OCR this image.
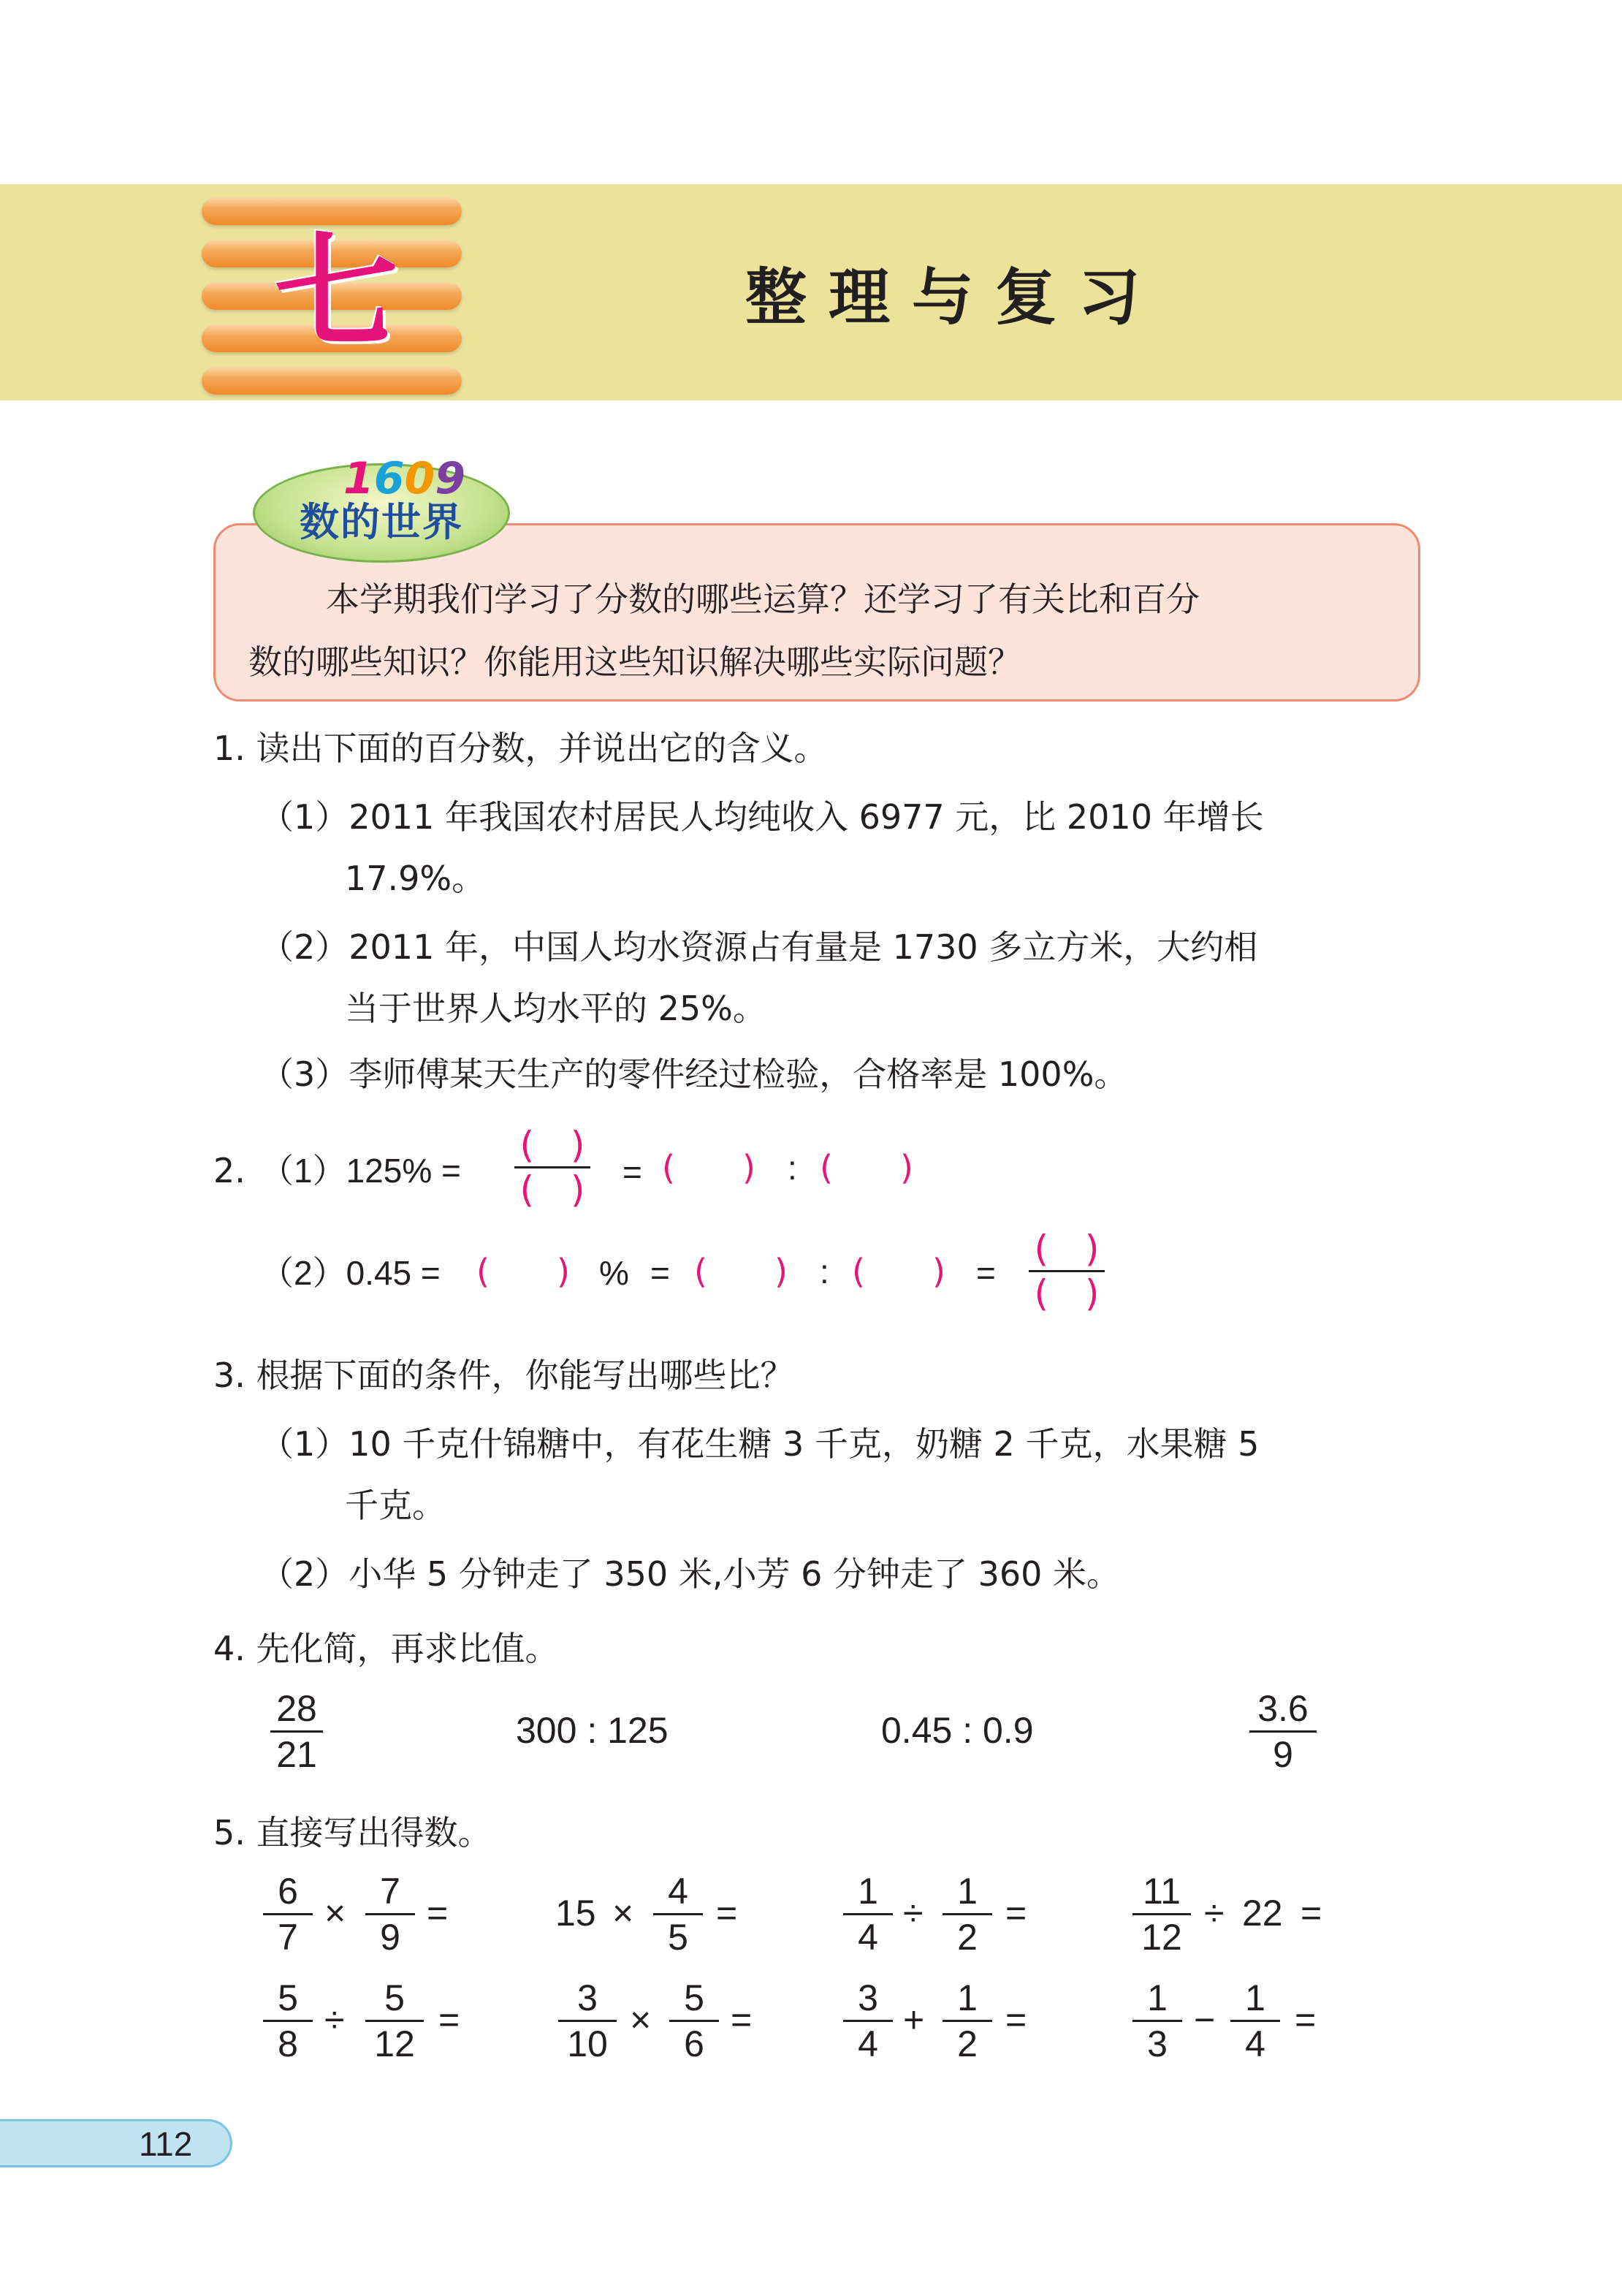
七	整理与复习
1609
数的世界
本学期我们学习了分数的哪些运算？还学习了有关比和百分
数的哪些知识？你能用这些知识解决哪些实际问题？
1. 读出下面的百分数，并说出它的含义。
（1）2011 年我国农村居民人均纯收入 6977 元，比 2010 年增长
17.9%。
（2）2011 年，中国人均水资源占有量是 1730 多立方米，大约相
当于世界人均水平的 25%。
（3）李师傅某天生产的零件经过检验，合格率是 100%。
2. （1）125% =
(　)
(　)	= (　　) : (　　)
（2）0.45 = (　　) % = (　　) : (　　) =
(　)
(　)
3. 根据下面的条件，你能写出哪些比？
（1）10 千克什锦糖中，有花生糖 3 千克，奶糖 2 千克，水果糖 5
千克。
（2）小华 5 分钟走了 350 米,小芳 6 分钟走了 360 米。
4. 先化简，再求比值。
28
21
300 : 125	0.45 : 0.9
3.6
9
5. 直接写出得数。
6
7
×
7
9
=	15 ×
4
5
=
1
4
÷
1
2
=
11
12
÷ 22 =
5
8
÷
5
12
=
3
10
×
5
6
=
3
4
+
1
2
=
1
3
−
1
4
=
112
